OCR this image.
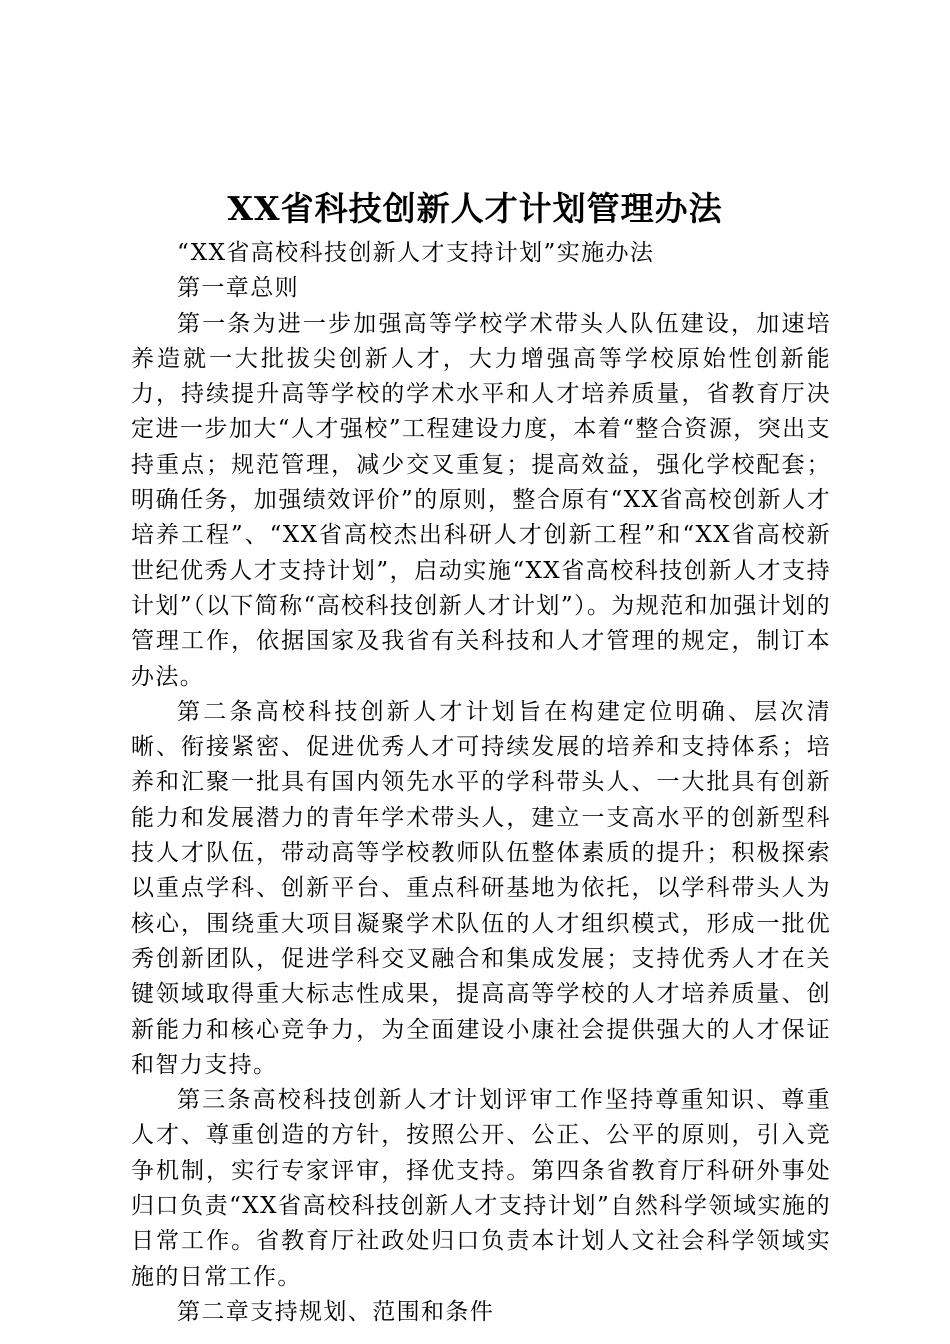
XX省科技创新人才计划管理办法

“XX省高校科技创新人才支持计划”实施办法

第一章总则

第一条为进一步加强高等学校学术带头人队伍建设，加速培养造就一大批拔尖创新人才，大力增强高等学校原始性创新能力，持续提升高等学校的学术水平和人才培养质量，省教育厅决定进一步加大“人才强校”工程建设力度，本着“整合资源，突出支持重点；规范管理，减少交叉重复；提高效益，强化学校配套；明确任务，加强绩效评价”的原则，整合原有“XX省高校创新人才培养工程”、“XX省高校杰出科研人才创新工程”和“XX省高校新世纪优秀人才支持计划”，启动实施“XX省高校科技创新人才支持计划”（以下简称“高校科技创新人才计划”）。为规范和加强计划的管理工作，依据国家及我省有关科技和人才管理的规定，制订本办法。

第二条高校科技创新人才计划旨在构建定位明确、层次清晰、衔接紧密、促进优秀人才可持续发展的培养和支持体系；培养和汇聚一批具有国内领先水平的学科带头人、一大批具有创新能力和发展潜力的青年学术带头人，建立一支高水平的创新型科技人才队伍，带动高等学校教师队伍整体素质的提升；积极探索以重点学科、创新平台、重点科研基地为依托，以学科带头人为核心，围绕重大项目凝聚学术队伍的人才组织模式，形成一批优秀创新团队，促进学科交叉融合和集成发展；支持优秀人才在关键领域取得重大标志性成果，提高高等学校的人才培养质量、创新能力和核心竞争力，为全面建设小康社会提供强大的人才保证和智力支持。

第三条高校科技创新人才计划评审工作坚持尊重知识、尊重人才、尊重创造的方针，按照公开、公正、公平的原则，引入竞争机制，实行专家评审，择优支持。第四条省教育厅科研外事处归口负责“XX省高校科技创新人才支持计划”自然科学领域实施的日常工作。省教育厅社政处归口负责本计划人文社会科学领域实施的日常工作。

第二章支持规划、范围和条件
